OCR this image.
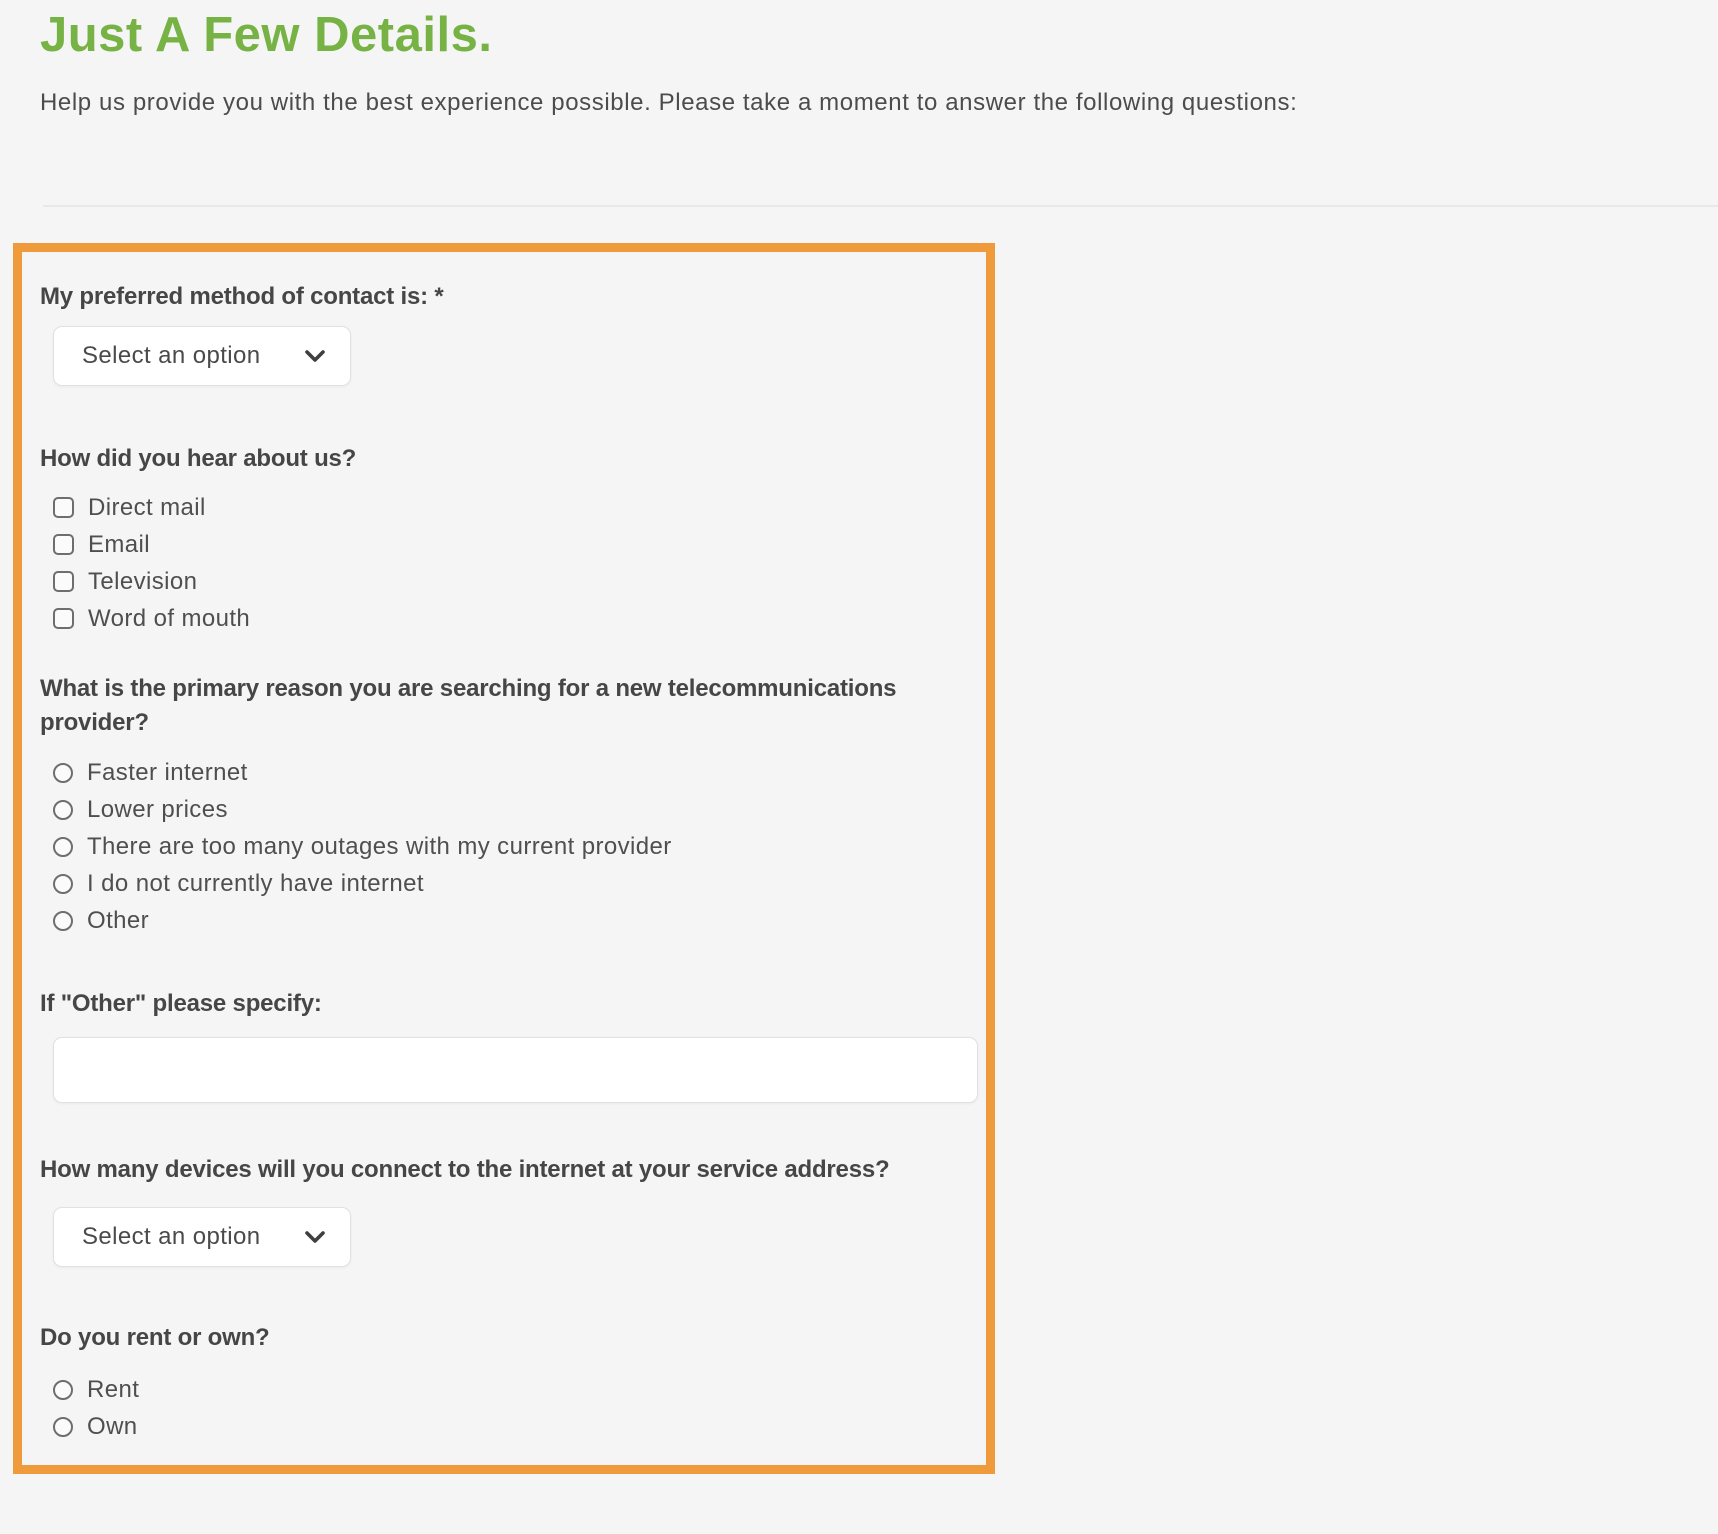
Just A Few Details.

Help us provide you with the best experience possible. Please take a moment to answer the following questions:

My preferred method of contact is: *
Select an option
How did you hear about us?
Direct mail
Email
Television
Word of mouth
What is the primary reason you are searching for a new telecommunications provider?
Faster internet
Lower prices
There are too many outages with my current provider
I do not currently have internet
Other
If "Other" please specify:
How many devices will you connect to the internet at your service address?
Select an option
Do you rent or own?
Rent
Own
